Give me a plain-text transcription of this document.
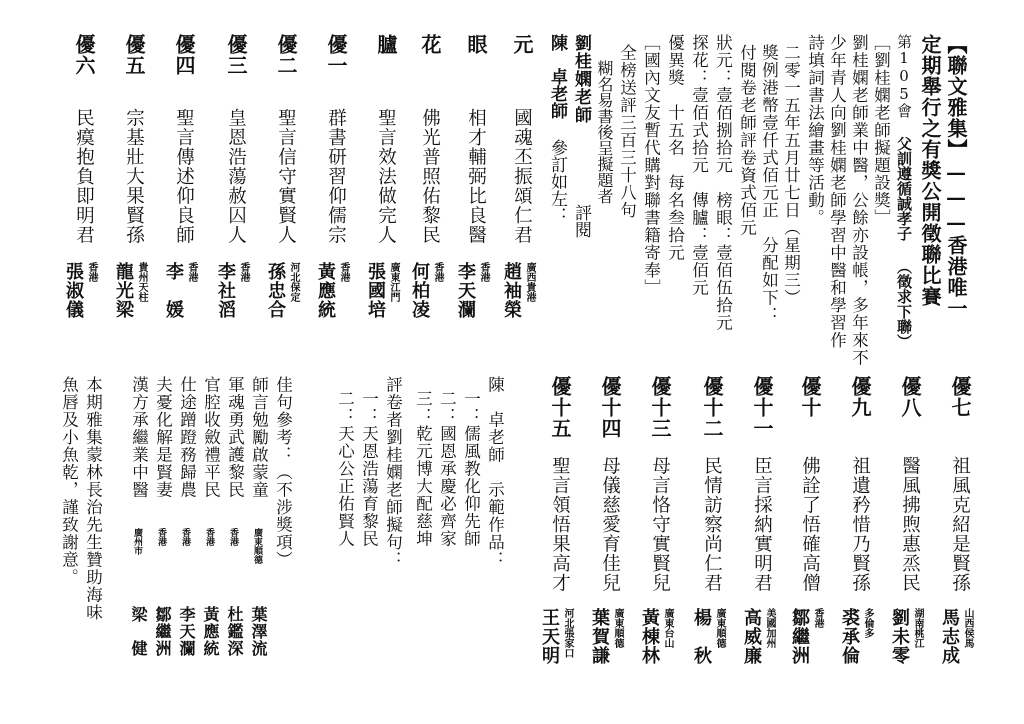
【聯文雅集】———香港唯一
定期舉行之有獎公開徵聯比賽
第105會 父訓遵循誠孝子 （徵求下聯）
［劉桂嫻老師擬題設獎］
劉桂嫻老師業中醫，公餘亦設帳，多年來不
少年青人向劉桂嫻老師學習中醫和學習作
詩填詞書法繪畫等活動。
二零一五年五月廿七日（星期三）
獎例港幣壹仟式佰元正　分配如下：
付閱卷老師評卷資式佰元
狀元：壹佰捌拾元　榜眼：壹佰伍拾元
探花：壹佰式拾元　傳臚：壹佰元
優異獎　十五名　每名叁拾元
［國內文友暫代購對聯書籍寄奉］
全榜送評三百三十八句
糊名易書後呈擬題者
劉桂嫻老師 評閱
陳　卓老師 參訂如左：
元
國魂丕振頌仁君
廣西貴港
趙袖榮
眼
相才輔弼比良醫
香港
李天瀾
花
佛光普照佑黎民
香港
何柏凌
臚
聖言效法做完人
廣東江門
張國培
優一
群書研習仰儒宗
香港
黃應統
優二
聖言信守實賢人
河北保定
孫忠合
優三
皇恩浩蕩赦囚人
香港
李社滔
優四
聖言傳述仰良師
香港
李　媛
優五
宗基壯大果賢孫
貴州天柱
龍光梁
優六
民瘼抱負即明君
香港
張淑儀
優七
祖風克紹是賢孫
山西侯馬
馬志成
優八
醫風拂煦惠烝民
湖南桃江
劉未零
優九
祖遺矜惜乃賢孫
多倫多
裘承倫
優十
佛詮了悟確高僧
香港
鄒繼洲
優十一
臣言採納實明君
美國加州
高威廉
優十二
民情訪察尚仁君
廣東順德
楊　秋
優十三
母言恪守實賢兒
廣東台山
黃棟林
優十四
母儀慈愛育佳兒
廣東順德
葉賀謙
優十五
聖言領悟果高才
河北張家口
王天明
陳　卓老師　示範作品：
一：儒風教化仰先師
二：國恩承慶必齊家
三：乾元博大配慈坤
評卷者劉桂嫻老師擬句：
一：天恩浩蕩育黎民
二：天心公正佑賢人
佳句參考：（不涉獎項）
師言勉勵啟蒙童
廣東順德
葉澤流
軍魂勇武護黎民
香港
杜鑑深
官腔收斂禮平民
香港
黃應統
仕途蹭蹬務歸農
香港
李天瀾
夫憂化解是賢妻
香港
鄒繼洲
漢方承繼業中醫
廣州市
梁　健
本期雅集蒙林長治先生贊助海味
魚唇及小魚乾，謹致謝意。
